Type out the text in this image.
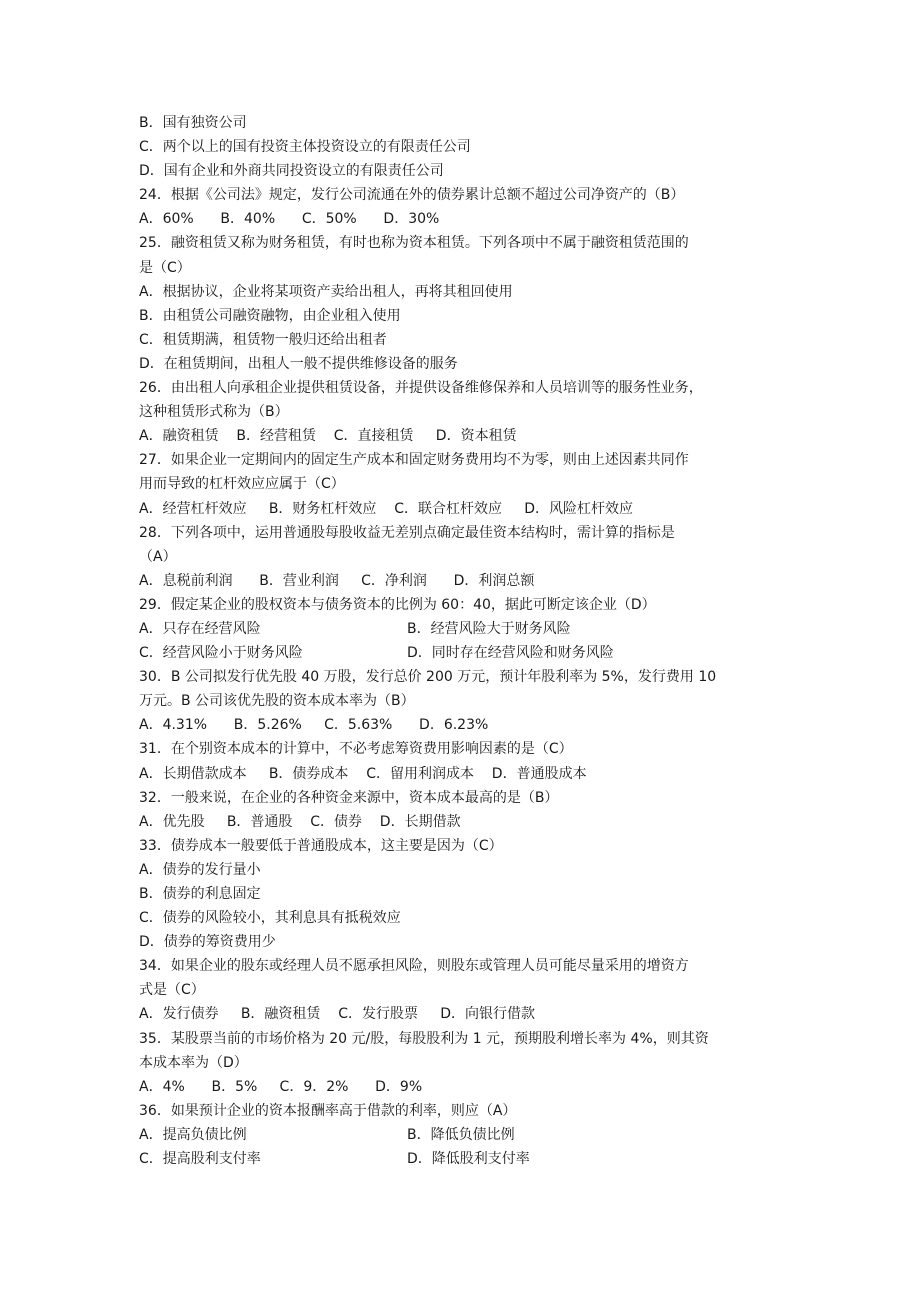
B．国有独资公司
C．两个以上的国有投资主体投资设立的有限责任公司
D．国有企业和外商共同投资设立的有限责任公司
24．根据《公司法》规定，发行公司流通在外的债券累计总额不超过公司净资产的（B）
A．60%      B．40%      C．50%      D．30%
25．融资租赁又称为财务租赁，有时也称为资本租赁。下列各项中不属于融资租赁范围的
是（C）
A．根据协议，企业将某项资产卖给出租人，再将其租回使用
B．由租赁公司融资融物，由企业租入使用
C．租赁期满，租赁物一般归还给出租者
D．在租赁期间，出租人一般不提供维修设备的服务
26．由出租人向承租企业提供租赁设备，并提供设备维修保养和人员培训等的服务性业务，
这种租赁形式称为（B）
A．融资租赁    B．经营租赁    C．直接租赁     D．资本租赁
27．如果企业一定期间内的固定生产成本和固定财务费用均不为零，则由上述因素共同作
用而导致的杠杆效应应属于（C）
A．经营杠杆效应     B．财务杠杆效应    C．联合杠杆效应     D．风险杠杆效应
28．下列各项中，运用普通股每股收益无差别点确定最佳资本结构时，需计算的指标是
（A）
A．息税前利润      B．营业利润     C．净利润      D．利润总额
29．假定某企业的股权资本与债务资本的比例为 60：40，据此可断定该企业（D）
A．只存在经营风险	B．经营风险大于财务风险
C．经营风险小于财务风险	D．同时存在经营风险和财务风险
30．B 公司拟发行优先股 40 万股，发行总价 200 万元，预计年股利率为 5%，发行费用 10
万元。B 公司该优先股的资本成本率为（B）
A．4.31%      B．5.26%     C．5.63%      D．6.23%
31．在个别资本成本的计算中，不必考虑筹资费用影响因素的是（C）
A．长期借款成本     B．债券成本    C．留用利润成本    D．普通股成本
32．一般来说，在企业的各种资金来源中，资本成本最高的是（B）
A．优先股     B．普通股    C．债券    D．长期借款
33．债券成本一般要低于普通股成本，这主要是因为（C）
A．债券的发行量小
B．债券的利息固定
C．债券的风险较小，其利息具有抵税效应
D．债券的筹资费用少
34．如果企业的股东或经理人员不愿承担风险，则股东或管理人员可能尽量采用的增资方
式是（C）
A．发行债券     B．融资租赁    C．发行股票     D．向银行借款
35．某股票当前的市场价格为 20 元/股，每股股利为 1 元，预期股利增长率为 4%，则其资
本成本率为（D）
A．4%      B．5%     C．9．2%      D．9%
36．如果预计企业的资本报酬率高于借款的利率，则应（A）
A．提高负债比例	B．降低负债比例
C．提高股利支付率	D．降低股利支付率
